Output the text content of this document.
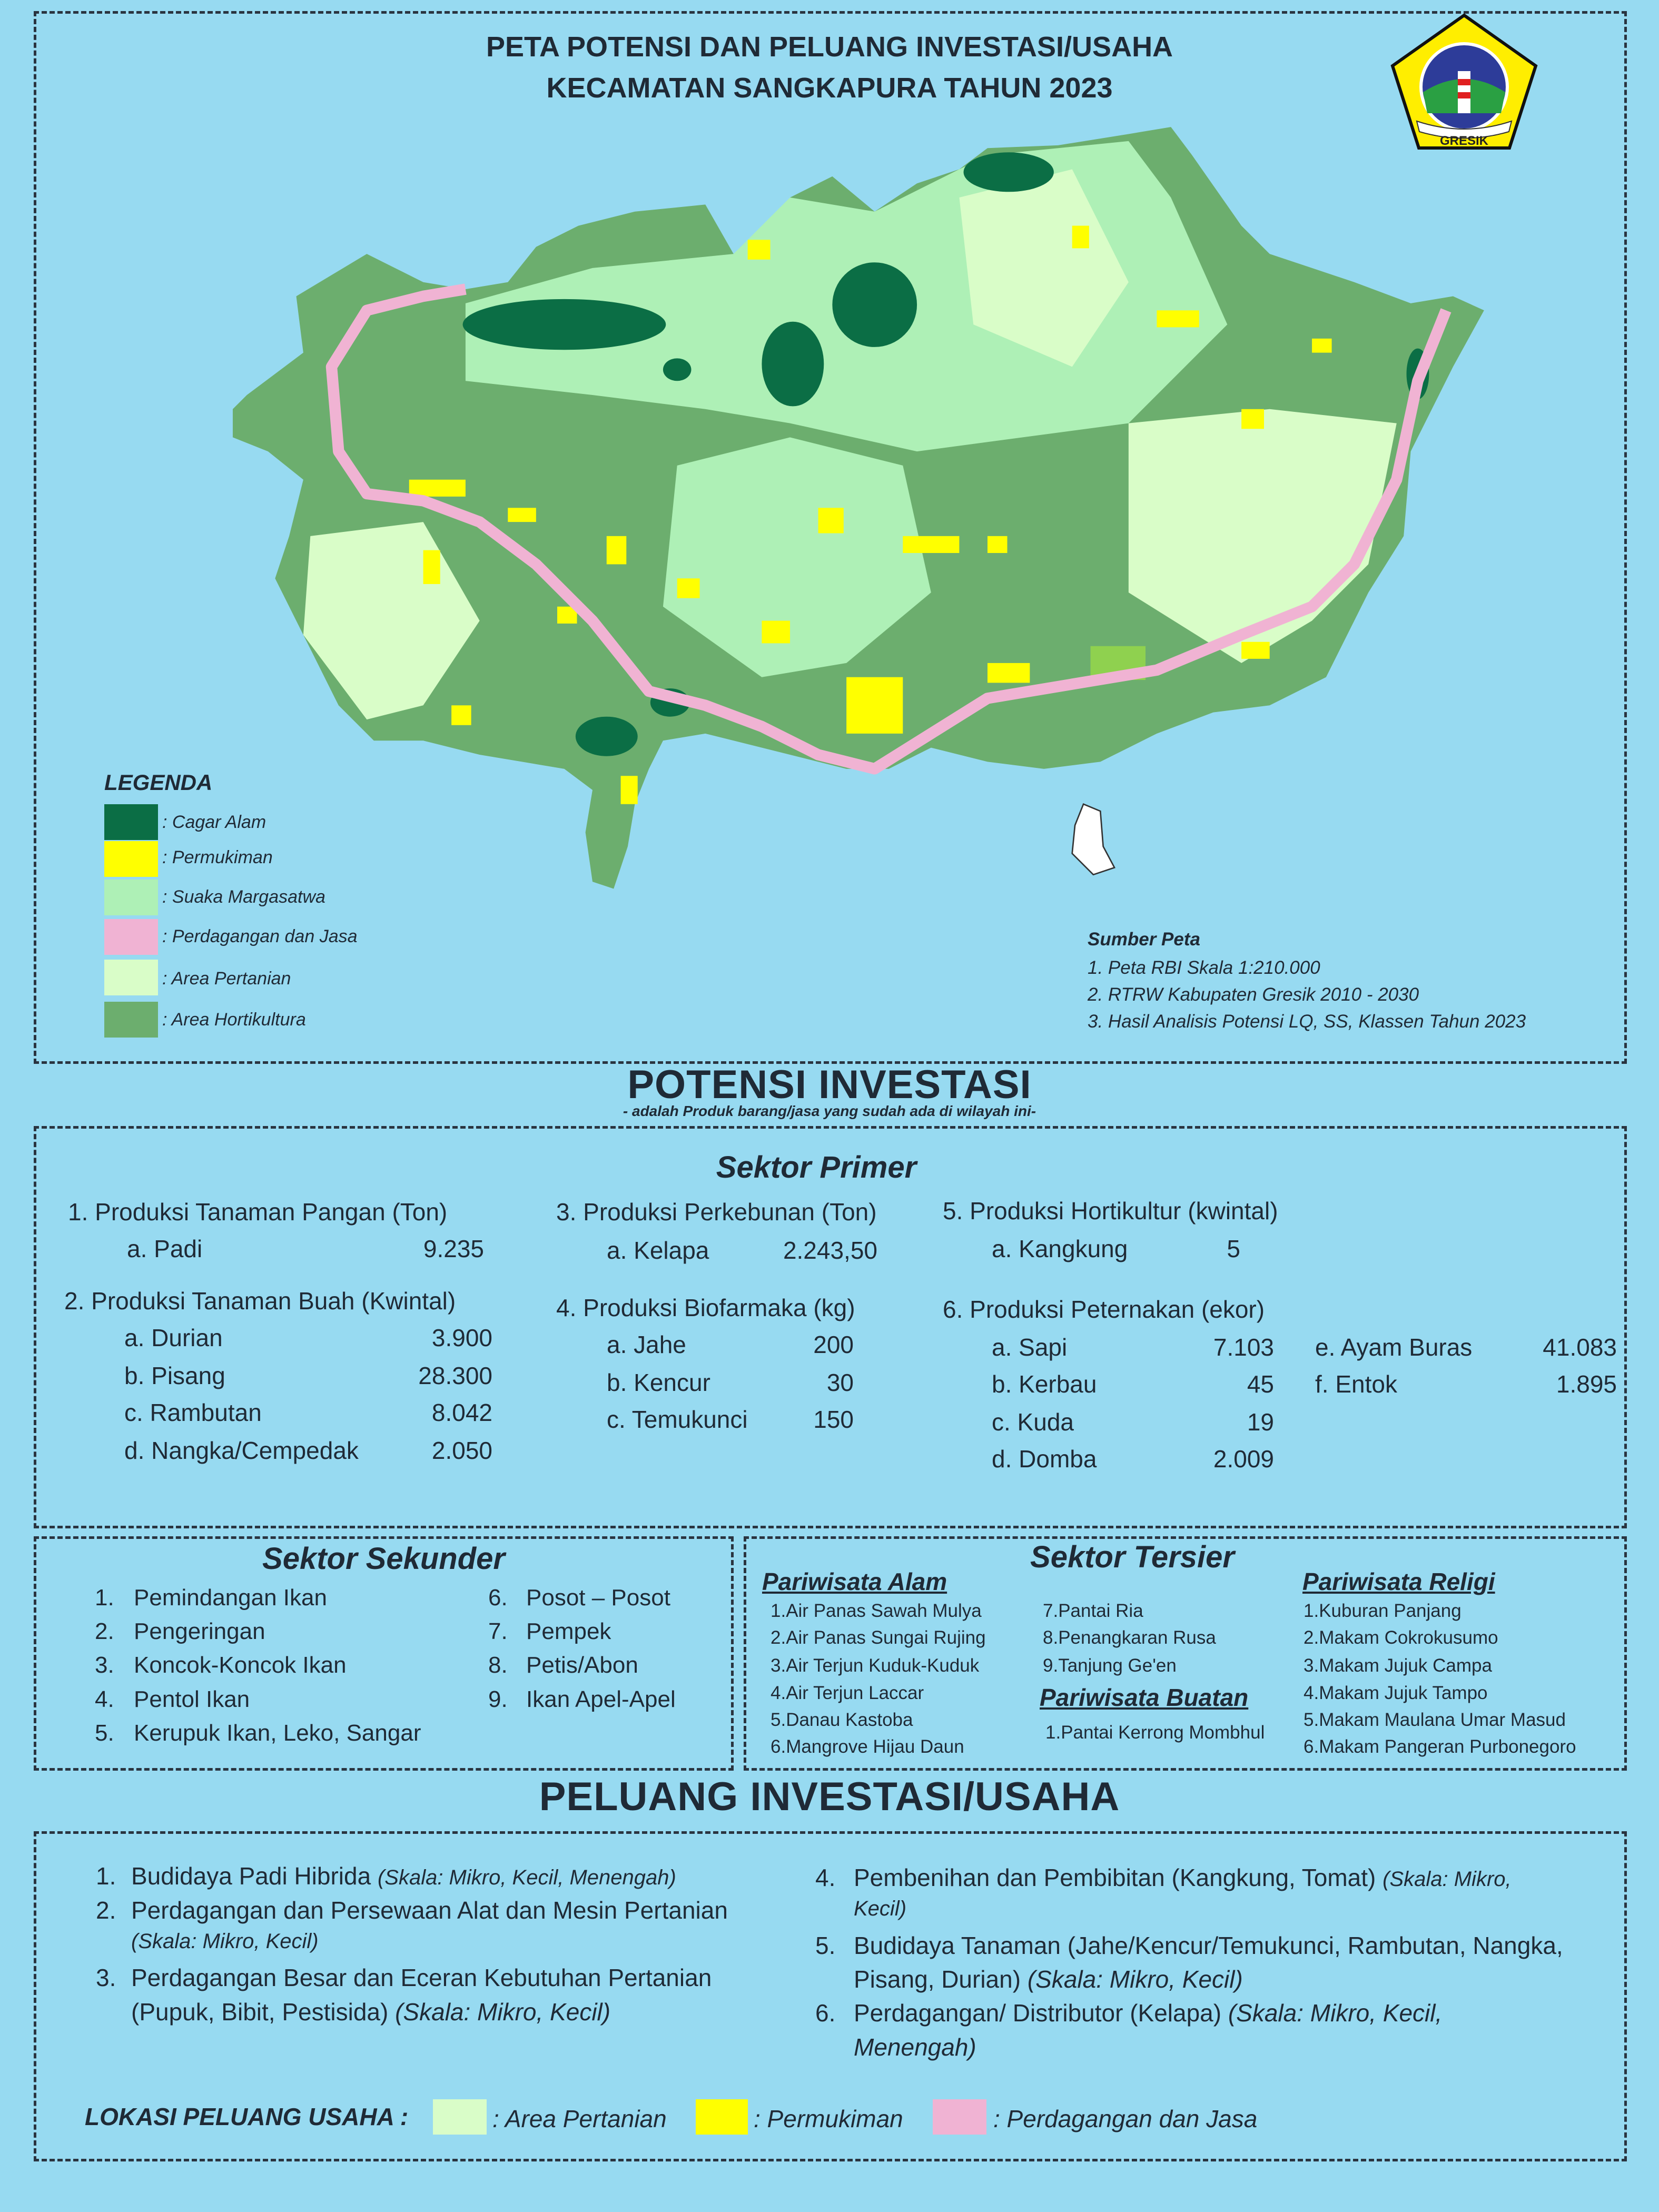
PETA POTENSI DAN PELUANG INVESTASI/USAHA
KECAMATAN SANGKAPURA TAHUN 2023
GRESIK
LEGENDA
: Cagar Alam
: Permukiman
: Suaka Margasatwa
: Perdagangan dan Jasa
: Area Pertanian
: Area Hortikultura
Sumber Peta
1. Peta RBI Skala 1:210.000
2. RTRW Kabupaten Gresik 2010 - 2030
3. Hasil Analisis Potensi LQ, SS, Klassen Tahun 2023
POTENSI INVESTASI
- adalah Produk barang/jasa yang sudah ada di wilayah ini-
Sektor Primer
1. Produksi Tanaman Pangan (Ton)
a. Padi	9.235
2. Produksi Tanaman Buah (Kwintal)
a. Durian	3.900
b. Pisang	28.300
c. Rambutan	8.042
d. Nangka/Cempedak	2.050
3. Produksi Perkebunan (Ton)
a. Kelapa	2.243,50
4. Produksi Biofarmaka (kg)
a. Jahe	200
b. Kencur	30
c. Temukunci	150
5. Produksi Hortikultur (kwintal)
a. Kangkung	5
6. Produksi Peternakan (ekor)
a. Sapi	7.103
b. Kerbau	45
c. Kuda	19
d. Domba	2.009
e. Ayam Buras	41.083
f. Entok	1.895
Sektor Sekunder
1. Pemindangan Ikan
2. Pengeringan
3. Koncok-Koncok Ikan
4. Pentol Ikan
5. Kerupuk Ikan, Leko, Sangar
6. Posot – Posot
7. Pempek
8. Petis/Abon
9. Ikan Apel-Apel
Sektor Tersier
Pariwisata Alam
1.Air Panas Sawah Mulya
2.Air Panas Sungai Rujing
3.Air Terjun Kuduk-Kuduk
4.Air Terjun Laccar
5.Danau Kastoba
6.Mangrove Hijau Daun
7.Pantai Ria
8.Penangkaran Rusa
9.Tanjung Ge'en
Pariwisata Buatan
1.Pantai Kerrong Mombhul
Pariwisata Religi
1.Kuburan Panjang
2.Makam Cokrokusumo
3.Makam Jujuk Campa
4.Makam Jujuk Tampo
5.Makam Maulana Umar Masud
6.Makam Pangeran Purbonegoro
PELUANG INVESTASI/USAHA
1. Budidaya Padi Hibrida (Skala: Mikro, Kecil, Menengah)
2. Perdagangan dan Persewaan Alat dan Mesin Pertanian
(Skala: Mikro, Kecil)
3. Perdagangan Besar dan Eceran Kebutuhan Pertanian
(Pupuk, Bibit, Pestisida) (Skala: Mikro, Kecil)
4. Pembenihan dan Pembibitan (Kangkung, Tomat) (Skala: Mikro,
Kecil)
5. Budidaya Tanaman (Jahe/Kencur/Temukunci, Rambutan, Nangka,
Pisang, Durian) (Skala: Mikro, Kecil)
6. Perdagangan/ Distributor (Kelapa) (Skala: Mikro, Kecil,
Menengah)
LOKASI PELUANG USAHA :	: Area Pertanian	: Permukiman	: Perdagangan dan Jasa
